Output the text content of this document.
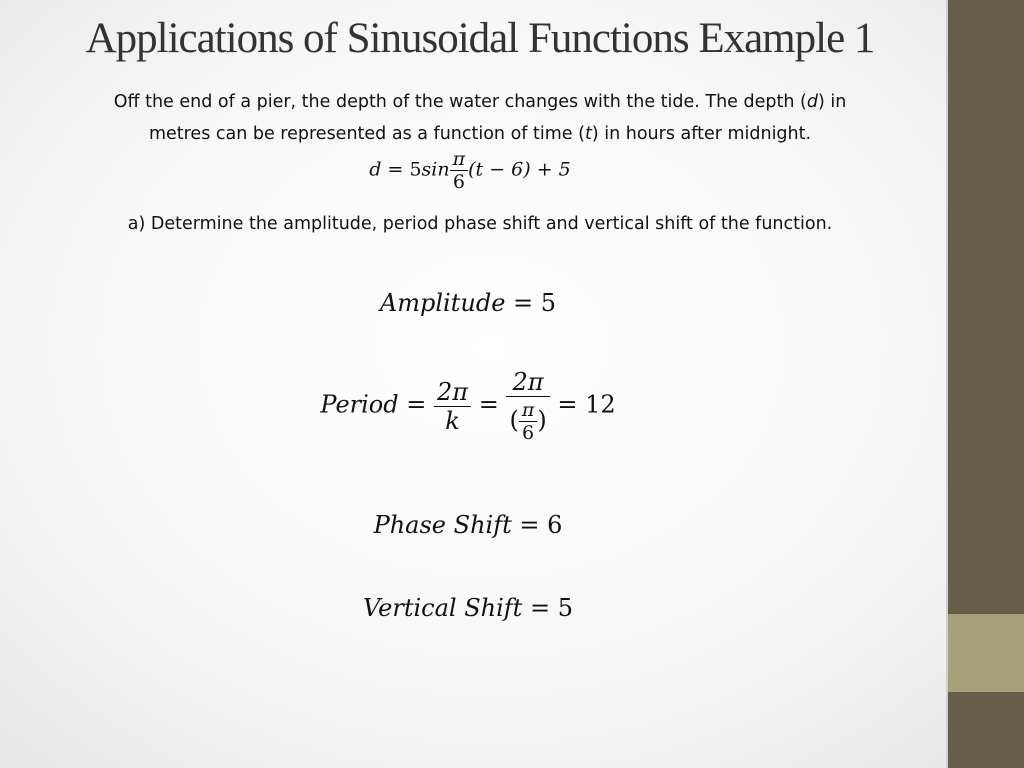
Applications of Sinusoidal Functions Example 1
Off the end of a pier, the depth of the water changes with the tide. The depth (d) in
metres can be represented as a function of time (t) in hours after midnight.
$d = 5\sin \frac{\pi}{6} (t - 6) + 5$
a) Determine the amplitude, period phase shift and vertical shift of the function.
Amplitude = 5
Period = $\frac{2\pi}{k} = \frac{2\pi}{( \frac{\pi}{6} )} = 12$
Phase Shift = 6
Vertical Shift = 5
